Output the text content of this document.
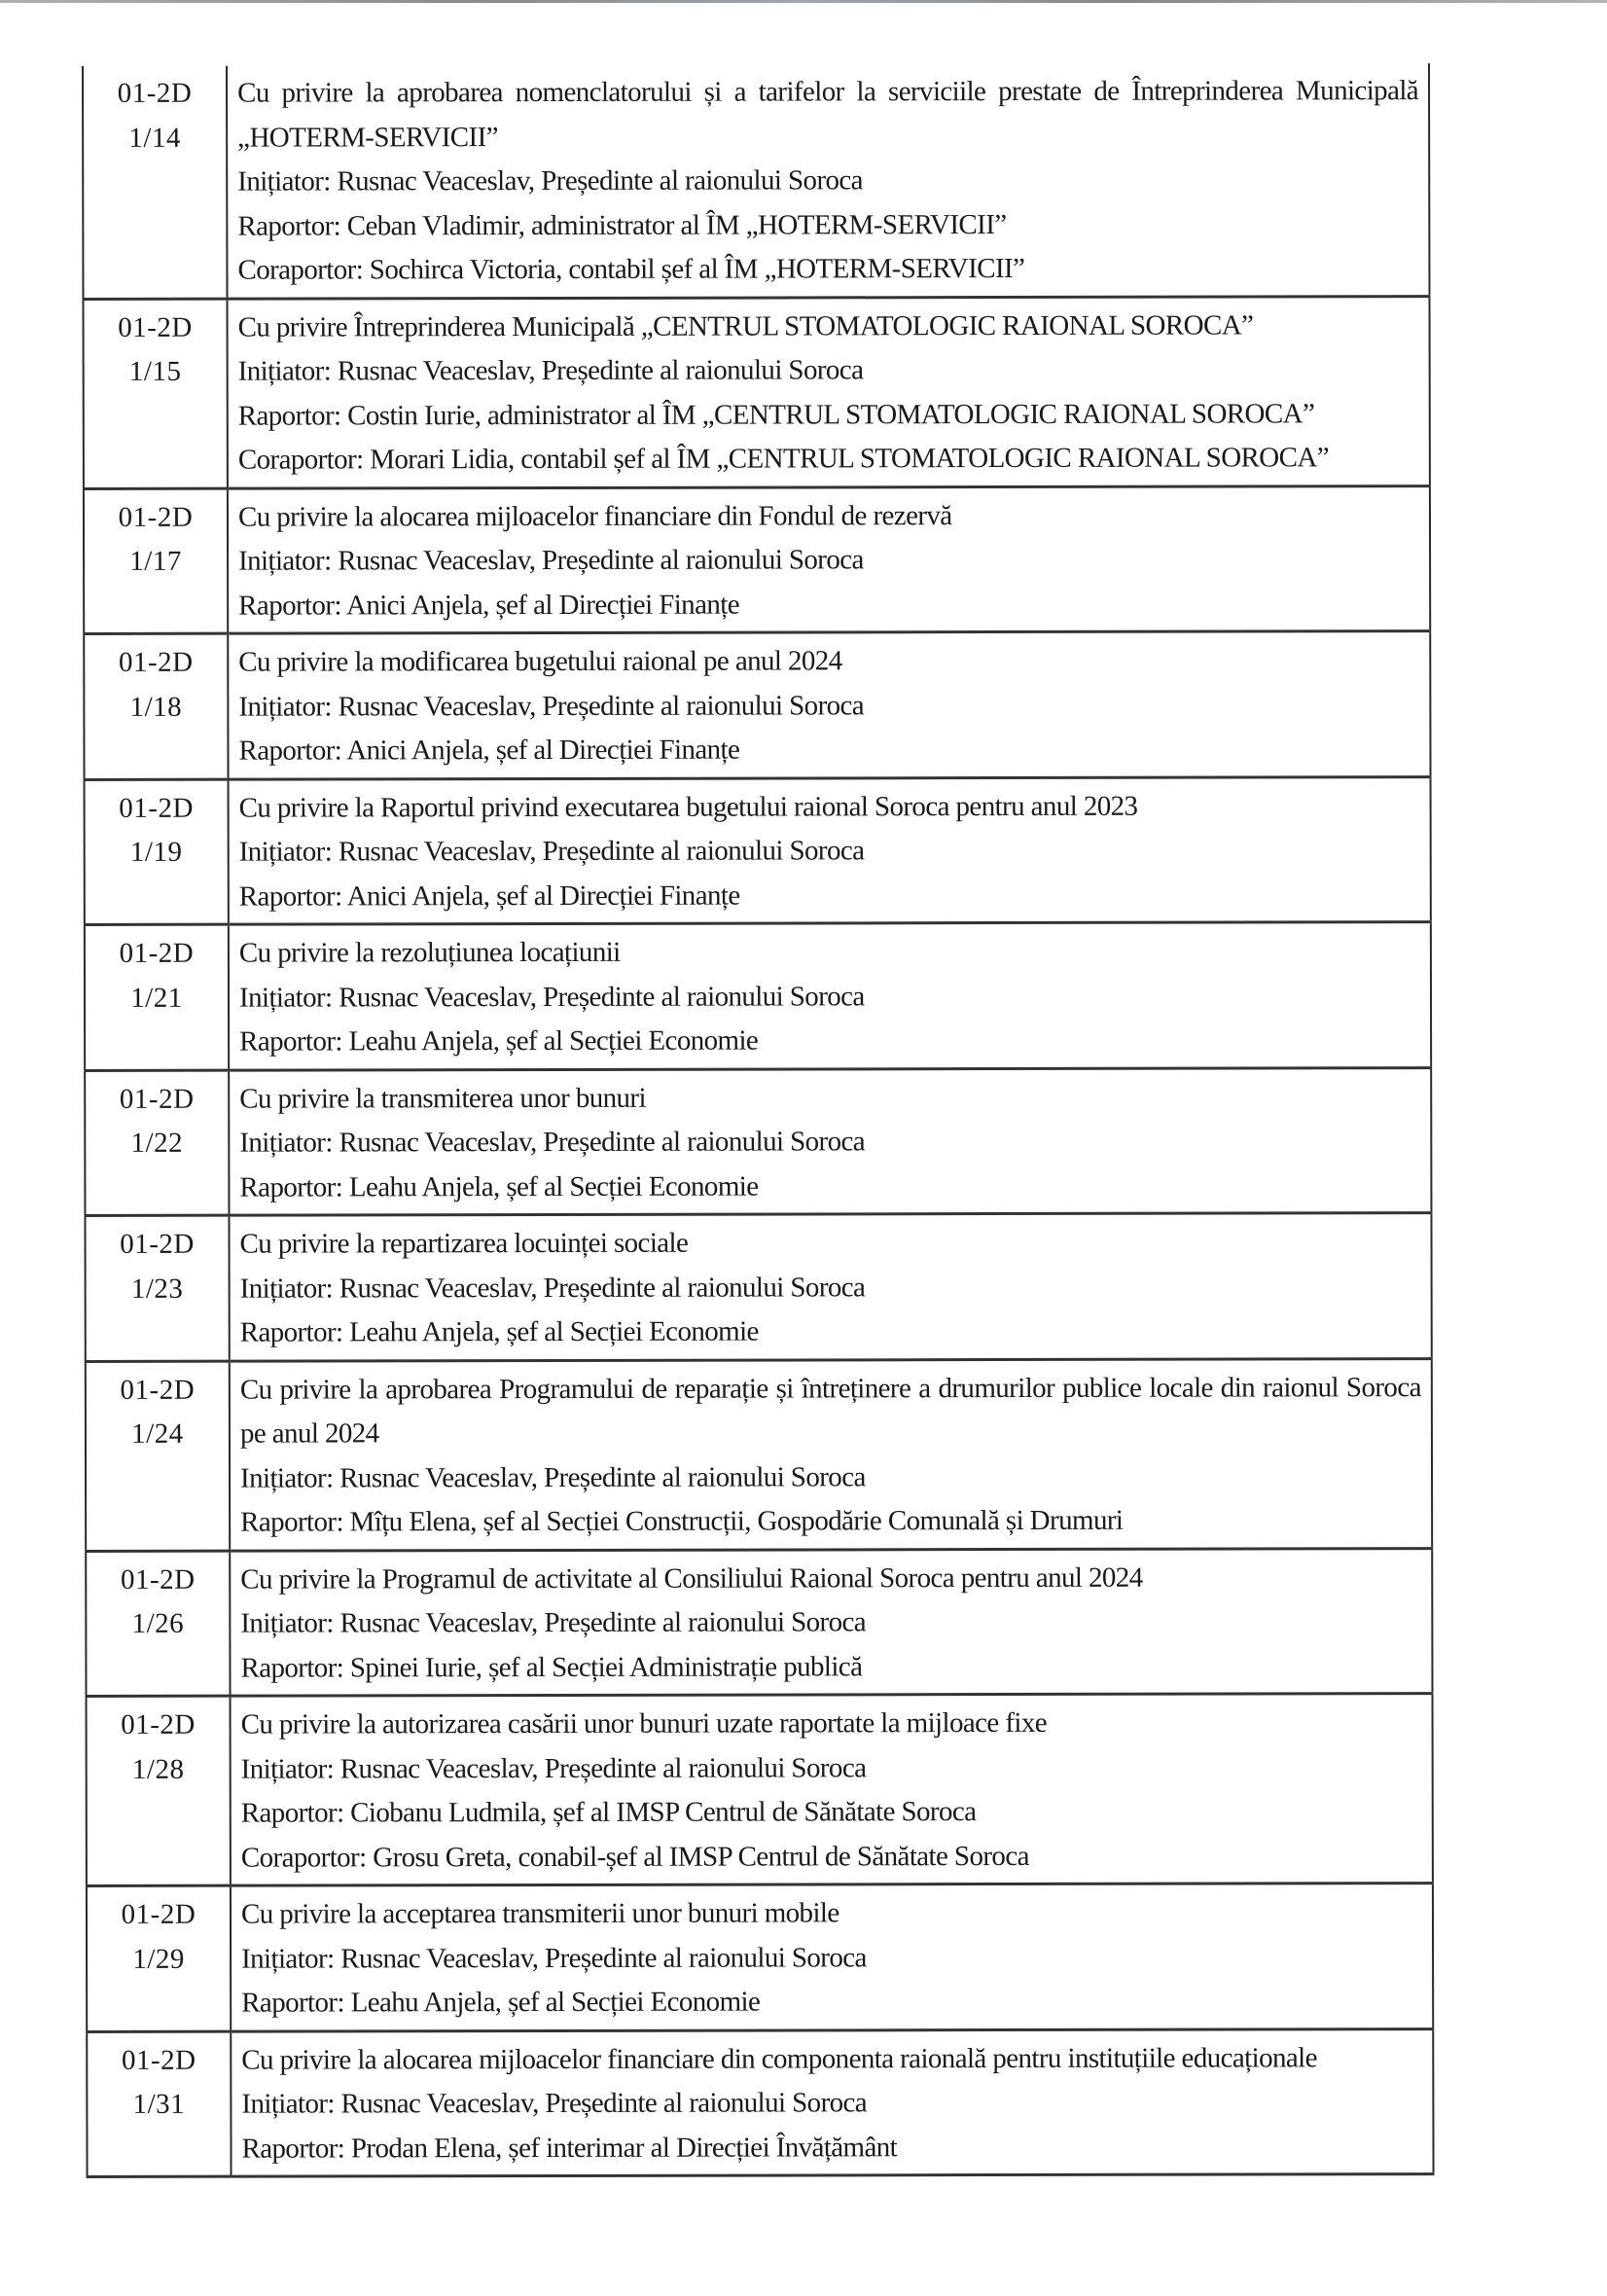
01-2D
1/14	Cu privire la aprobarea nomenclatorului și a tarifelor la serviciile prestate de Întreprinderea Municipală „HOTERM-SERVICII”
Inițiator: Rusnac Veaceslav, Președinte al raionului Soroca
Raportor: Ceban Vladimir, administrator al ÎM „HOTERM-SERVICII”
Coraportor: Sochirca Victoria, contabil șef al ÎM „HOTERM-SERVICII”

01-2D
1/15	Cu privire Întreprinderea Municipală „CENTRUL STOMATOLOGIC RAIONAL SOROCA”
Inițiator: Rusnac Veaceslav, Președinte al raionului Soroca
Raportor: Costin Iurie, administrator al ÎM „CENTRUL STOMATOLOGIC RAIONAL SOROCA”
Coraportor: Morari Lidia, contabil șef al ÎM „CENTRUL STOMATOLOGIC RAIONAL SOROCA”

01-2D
1/17	Cu privire la alocarea mijloacelor financiare din Fondul de rezervă
Inițiator: Rusnac Veaceslav, Președinte al raionului Soroca
Raportor: Anici Anjela, șef al Direcției Finanțe

01-2D
1/18	Cu privire la modificarea bugetului raional pe anul 2024
Inițiator: Rusnac Veaceslav, Președinte al raionului Soroca
Raportor: Anici Anjela, șef al Direcției Finanțe

01-2D
1/19	Cu privire la Raportul privind executarea bugetului raional Soroca pentru anul 2023
Inițiator: Rusnac Veaceslav, Președinte al raionului Soroca
Raportor: Anici Anjela, șef al Direcției Finanțe

01-2D
1/21	Cu privire la rezoluțiunea locațiunii
Inițiator: Rusnac Veaceslav, Președinte al raionului Soroca
Raportor: Leahu Anjela, șef al Secției Economie

01-2D
1/22	Cu privire la transmiterea unor bunuri
Inițiator: Rusnac Veaceslav, Președinte al raionului Soroca
Raportor: Leahu Anjela, șef al Secției Economie

01-2D
1/23	Cu privire la repartizarea locuinței sociale
Inițiator: Rusnac Veaceslav, Președinte al raionului Soroca
Raportor: Leahu Anjela, șef al Secției Economie

01-2D
1/24	Cu privire la aprobarea Programului de reparație și întreținere a drumurilor publice locale din raionul Soroca pe anul 2024
Inițiator: Rusnac Veaceslav, Președinte al raionului Soroca
Raportor: Mîțu Elena, șef al Secției Construcții, Gospodărie Comunală și Drumuri

01-2D
1/26	Cu privire la Programul de activitate al Consiliului Raional Soroca pentru anul 2024
Inițiator: Rusnac Veaceslav, Președinte al raionului Soroca
Raportor: Spinei Iurie, șef al Secției Administrație publică

01-2D
1/28	Cu privire la autorizarea casării unor bunuri uzate raportate la mijloace fixe
Inițiator: Rusnac Veaceslav, Președinte al raionului Soroca
Raportor: Ciobanu Ludmila, șef al IMSP Centrul de Sănătate Soroca
Coraportor: Grosu Greta, conabil-șef al IMSP Centrul de Sănătate Soroca

01-2D
1/29	Cu privire la acceptarea transmiterii unor bunuri mobile
Inițiator: Rusnac Veaceslav, Președinte al raionului Soroca
Raportor: Leahu Anjela, șef al Secției Economie

01-2D
1/31	Cu privire la alocarea mijloacelor financiare din componenta raională pentru instituțiile educaționale
Inițiator: Rusnac Veaceslav, Președinte al raionului Soroca
Raportor: Prodan Elena, șef interimar al Direcției Învățământ
